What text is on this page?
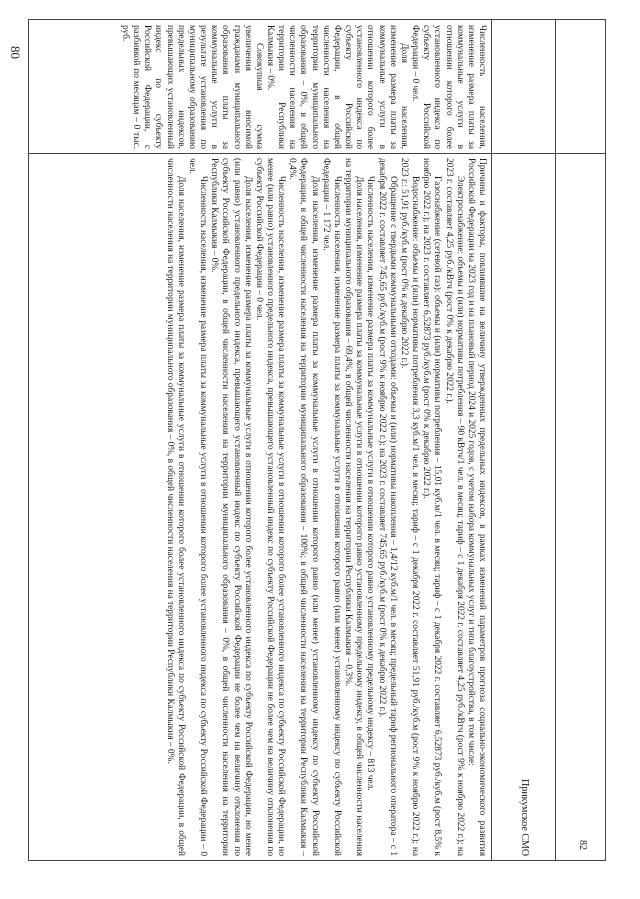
Численность населения, изменение размера платы за коммунальные услуги в отношении которого более установленного индекса по субъекту Российской Федерации – 0 чел.

Доля населения, изменение размера платы за коммунальные услуги в отношении которого более установленного индекса по субъекту Российской Федерации, в общей численности населения на территории муниципального образования – 0%, в общей численности населения на территории Республики Калмыкия – 0%.

Совокупная сумма увеличения вносимой гражданами муниципального образования платы за коммунальные услуги в результате установления по муниципальному образованию предельных индексов, превышающих установленный индекс по субъекту Российской Федерации, с разбивкой по месяцам – 0 тыс. руб.

82
Прикумское СМО

Причины и факторы, повлиявшие на величину утвержденных предельных индексов, в рамках изменений параметров прогноза социально-экономического развития Российской Федерации на 2023 год и на плановый период 2024 и 2025 годов, с учетом набора коммунальных услуг и типа благоустройства, в том числе:

Электроснабжение: объемы и (или) нормативы потребления – 90 кВтч/1 чел. в месяц; тариф – с 1 декабря 2022 г. составляет 4,25 руб./кВтч (рост 9% к ноябрю 2022 г.); на 2023 г. составляет 4,25 руб./кВтч (рост 0% к декабрю 2022 г.).

Газоснабжение (сетевой газ): объемы и (или) нормативы потребления – 15,01 куб.м/1 чел. в месяц; тариф – с 1 декабря 2022 г. составляет 6,52873 руб./куб.м (рост 8,5% к ноябрю 2022 г.); на 2023 г. составляет 6,52873 руб./куб.м (рост 0% к декабрю 2022 г.).

Водоснабжение: объемы и (или) нормативы потребления 3,3 куб.м/1 чел. в месяц; тариф – с 1 декабря 2022 г. составляет 51,91 руб./куб.м (рост 9% к ноябрю 2022 г.); на 2023 г.: 51,91 руб./куб.м (рост 0% к декабрю 2022 г.).

Обращение с твердыми коммунальными отходами: объемы и (или) нормативы накопления – 1,4/12 куб.м/1 чел. в месяц; предельный тариф регионального оператора – с 1 декабря 2022 г. составляет 745,65 руб./куб.м (рост 9% к ноябрю 2022 г.); на 2023 г. составляет 745,65 руб./куб.м (рост 0% к декабрю 2022 г.).

Численность населения, изменение размера платы за коммунальные услуги в отношении которого равно установленному предельному индексу – 813 чел.

Доля населения, изменение размера платы за коммунальные услуги в отношении которого равно установленному предельному индексу, в общей численности населения на территории муниципального образования – 69,4%, в общей численности населения на территории Республики Калмыкия – 0,3%.

Численность населения, изменение размера платы за коммунальные услуги в отношении которого равно (или менее) установленному индексу по субъекту Российской Федерации – 1 172 чел.

Доля населения, изменение размера платы за коммунальные услуги в отношении которого равно (или менее) установленному индексу по субъекту Российской Федерации, в общей численности населения на территории муниципального образования – 100%; в общей численности населения на территории Республики Калмыкия – 0,4%.

Численность населения, изменение размера платы за коммунальные услуги в отношении которого более установленного индекса по субъекту Российской Федерации, но менее (или равно) установленного предельного индекса, превышающего установленный индекс по субъекту Российской Федерации не более чем на величину отклонения по субъекту Российской Федерации – 0 чел.

Доля населения, изменение размера платы за коммунальные услуги в отношении которого более установленного индекса по субъекту Российской Федерации, но менее (или равно) установленного предельного индекса, превышающего установленный индекс по субъекту Российской Федерации не более чем на величину отклонения по субъекту Российской Федерации, в общей численности населения на территории муниципального образования – 0%, в общей численности населения на территории Республики Калмыкия – 0%.

Численность населения, изменение размера платы за коммунальные услуги в отношении которого более установленного индекса по субъекту Российской Федерации – 0 чел.

Доля населения, изменение размера платы за коммунальные услуги в отношении которого более установленного индекса по субъекту Российской Федерации, в общей численности населения на территории муниципального образования – 0%, в общей численности населения на территории Республики Калмыкия – 0%.

80
